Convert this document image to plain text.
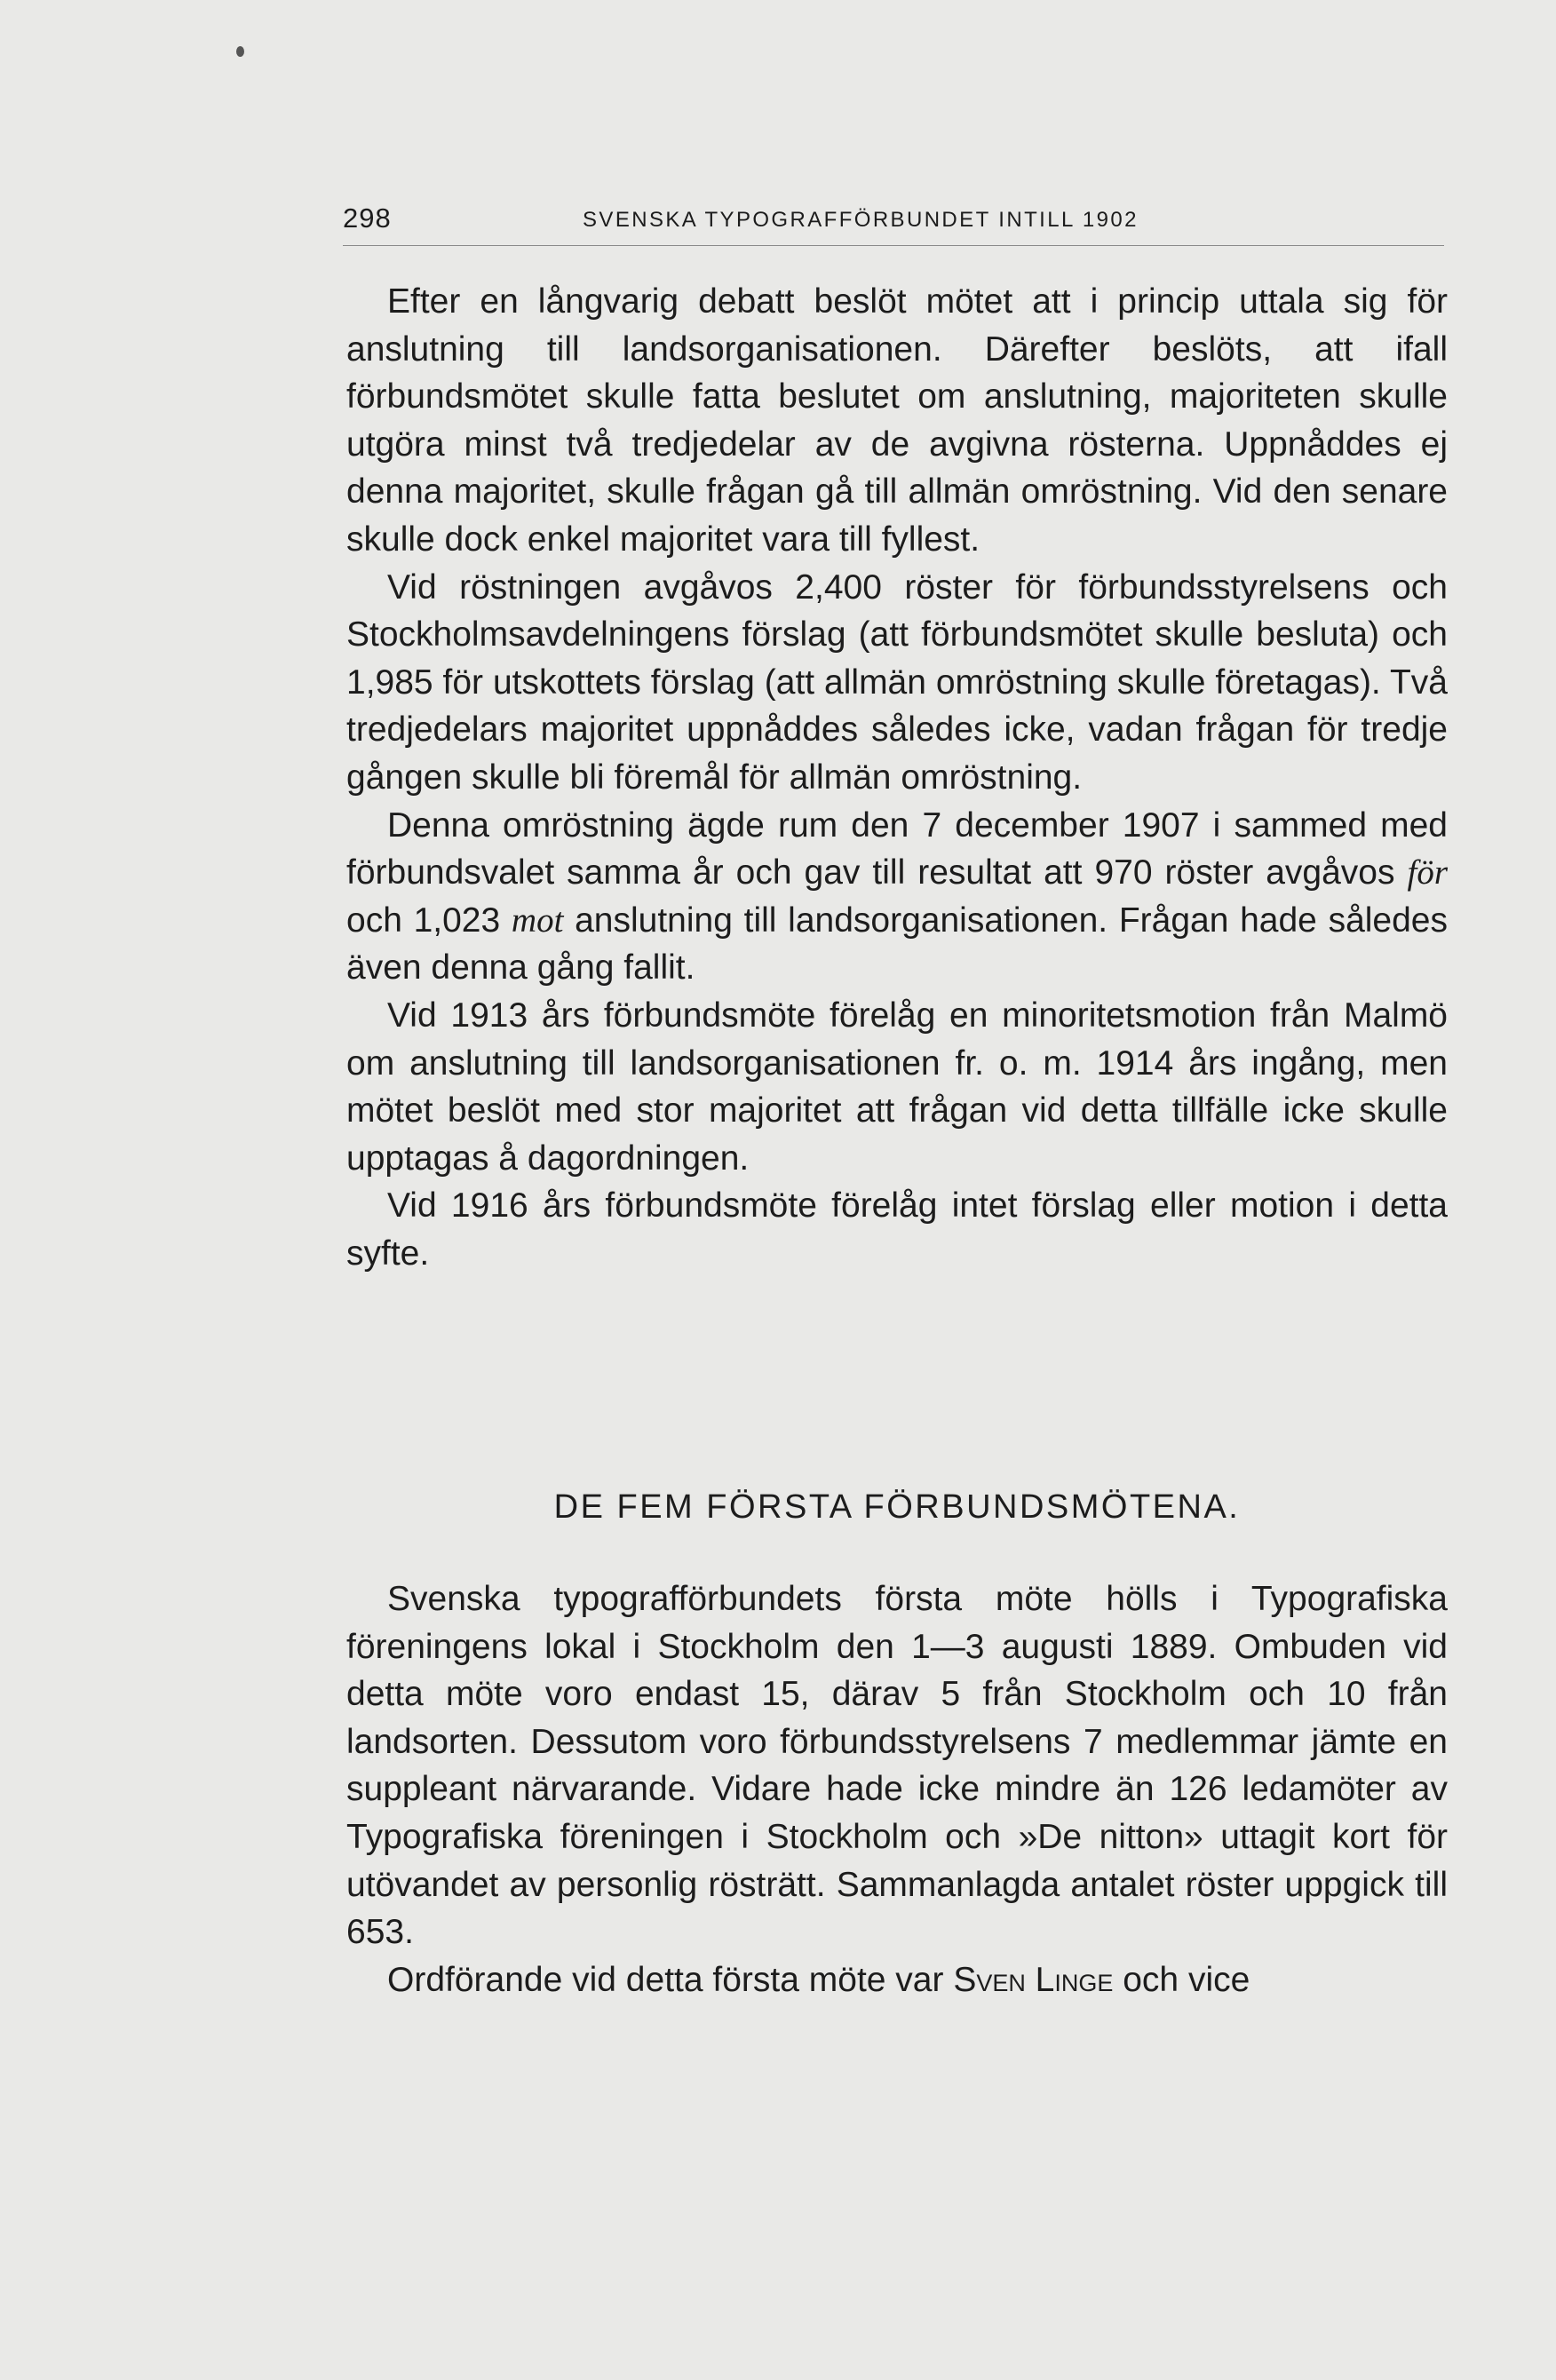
298	SVENSKA TYPOGRAFFÖRBUNDET INTILL 1902

Efter en långvarig debatt beslöt mötet att i princip uttala sig för anslutning till landsorganisationen. Därefter beslöts, att ifall förbundsmötet skulle fatta beslutet om anslutning, majoriteten skulle utgöra minst två tredjedelar av de avgivna rösterna. Uppnåddes ej denna majoritet, skulle frågan gå till allmän omröstning. Vid den senare skulle dock enkel majoritet vara till fyllest.

Vid röstningen avgåvos 2,400 röster för förbundsstyrelsens och Stockholmsavdelningens förslag (att förbundsmötet skulle besluta) och 1,985 för utskottets förslag (att allmän omröstning skulle företagas). Två tredjedelars majoritet uppnåddes således icke, vadan frågan för tredje gången skulle bli föremål för allmän omröstning.

Denna omröstning ägde rum den 7 december 1907 i sammed med förbundsvalet samma år och gav till resultat att 970 röster avgåvos för och 1,023 mot anslutning till landsorganisationen. Frågan hade således även denna gång fallit.

Vid 1913 års förbundsmöte förelåg en minoritetsmotion från Malmö om anslutning till landsorganisationen fr. o. m. 1914 års ingång, men mötet beslöt med stor majoritet att frågan vid detta tillfälle icke skulle upptagas å dagordningen.

Vid 1916 års förbundsmöte förelåg intet förslag eller motion i detta syfte.

DE FEM FÖRSTA FÖRBUNDSMÖTENA.

Svenska typografförbundets första möte hölls i Typografiska föreningens lokal i Stockholm den 1—3 augusti 1889. Ombuden vid detta möte voro endast 15, därav 5 från Stockholm och 10 från landsorten. Dessutom voro förbundsstyrelsens 7 medlemmar jämte en suppleant närvarande. Vidare hade icke mindre än 126 ledamöter av Typografiska föreningen i Stockholm och »De nitton» uttagit kort för utövandet av personlig rösträtt. Sammanlagda antalet röster uppgick till 653.

Ordförande vid detta första möte var Sven Linge och vice
